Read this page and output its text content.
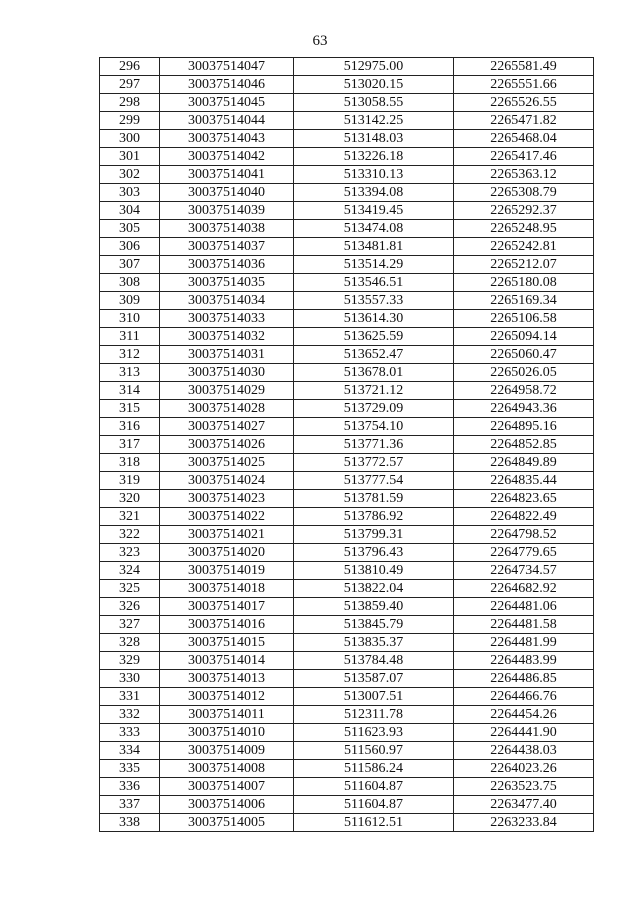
63
296	30037514047	512975.00	2265581.49
297	30037514046	513020.15	2265551.66
298	30037514045	513058.55	2265526.55
299	30037514044	513142.25	2265471.82
300	30037514043	513148.03	2265468.04
301	30037514042	513226.18	2265417.46
302	30037514041	513310.13	2265363.12
303	30037514040	513394.08	2265308.79
304	30037514039	513419.45	2265292.37
305	30037514038	513474.08	2265248.95
306	30037514037	513481.81	2265242.81
307	30037514036	513514.29	2265212.07
308	30037514035	513546.51	2265180.08
309	30037514034	513557.33	2265169.34
310	30037514033	513614.30	2265106.58
311	30037514032	513625.59	2265094.14
312	30037514031	513652.47	2265060.47
313	30037514030	513678.01	2265026.05
314	30037514029	513721.12	2264958.72
315	30037514028	513729.09	2264943.36
316	30037514027	513754.10	2264895.16
317	30037514026	513771.36	2264852.85
318	30037514025	513772.57	2264849.89
319	30037514024	513777.54	2264835.44
320	30037514023	513781.59	2264823.65
321	30037514022	513786.92	2264822.49
322	30037514021	513799.31	2264798.52
323	30037514020	513796.43	2264779.65
324	30037514019	513810.49	2264734.57
325	30037514018	513822.04	2264682.92
326	30037514017	513859.40	2264481.06
327	30037514016	513845.79	2264481.58
328	30037514015	513835.37	2264481.99
329	30037514014	513784.48	2264483.99
330	30037514013	513587.07	2264486.85
331	30037514012	513007.51	2264466.76
332	30037514011	512311.78	2264454.26
333	30037514010	511623.93	2264441.90
334	30037514009	511560.97	2264438.03
335	30037514008	511586.24	2264023.26
336	30037514007	511604.87	2263523.75
337	30037514006	511604.87	2263477.40
338	30037514005	511612.51	2263233.84
